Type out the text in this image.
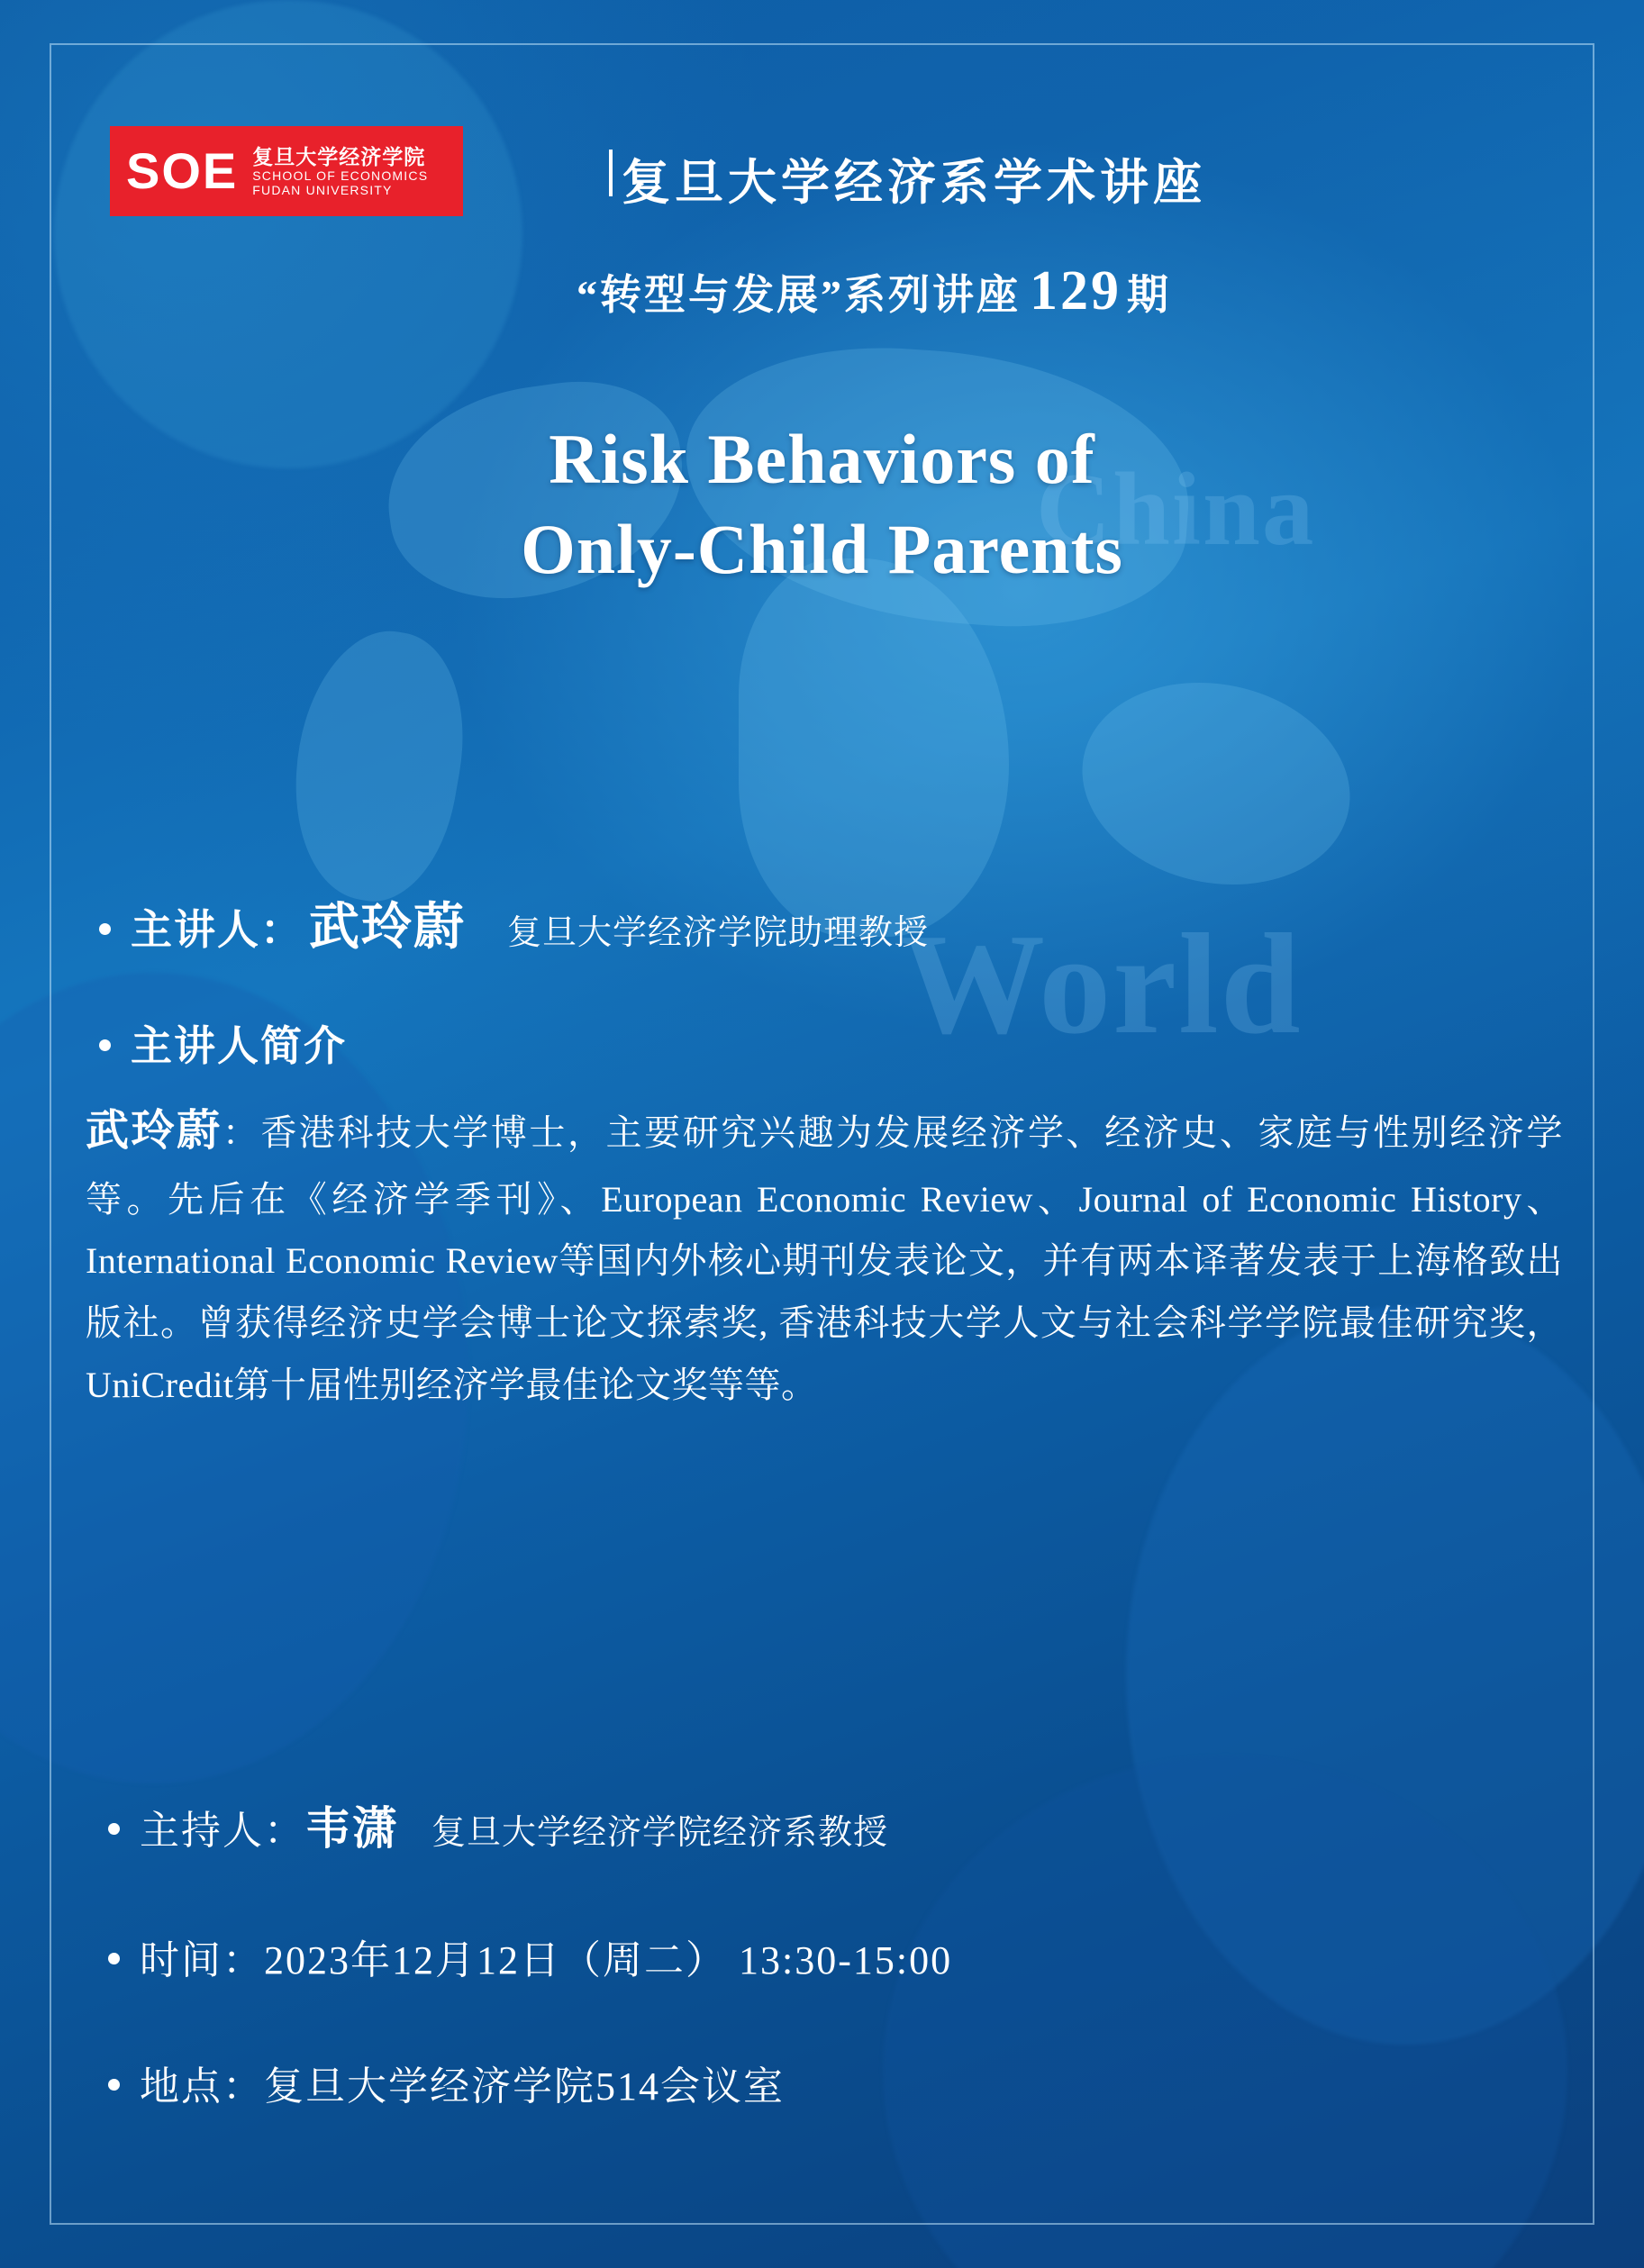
China
World
SOE 复旦大学经济学院
SCHOOL OF ECONOMICS
FUDAN UNIVERSITY	复旦大学经济系学术讲座
“转型与发展”系列讲座 129 期
Risk Behaviors of
Only-Child Parents
主讲人： 武玲蔚 复旦大学经济学院助理教授
主讲人简介
武玲蔚：香港科技大学博士，主要研究兴趣为发展经济学、经济史、家庭与性别经济学等。先后在《经济学季刊》、European Economic Review、Journal of Economic History、International Economic Review等国内外核心期刊发表论文，并有两本译著发表于上海格致出版社。曾获得经济史学会博士论文探索奖, 香港科技大学人文与社会科学学院最佳研究奖，UniCredit第十届性别经济学最佳论文奖等等。
主持人： 韦潇 复旦大学经济学院经济系教授
时间： 2023年12月12日（周二） 13:30-15:00
地点： 复旦大学经济学院514会议室
